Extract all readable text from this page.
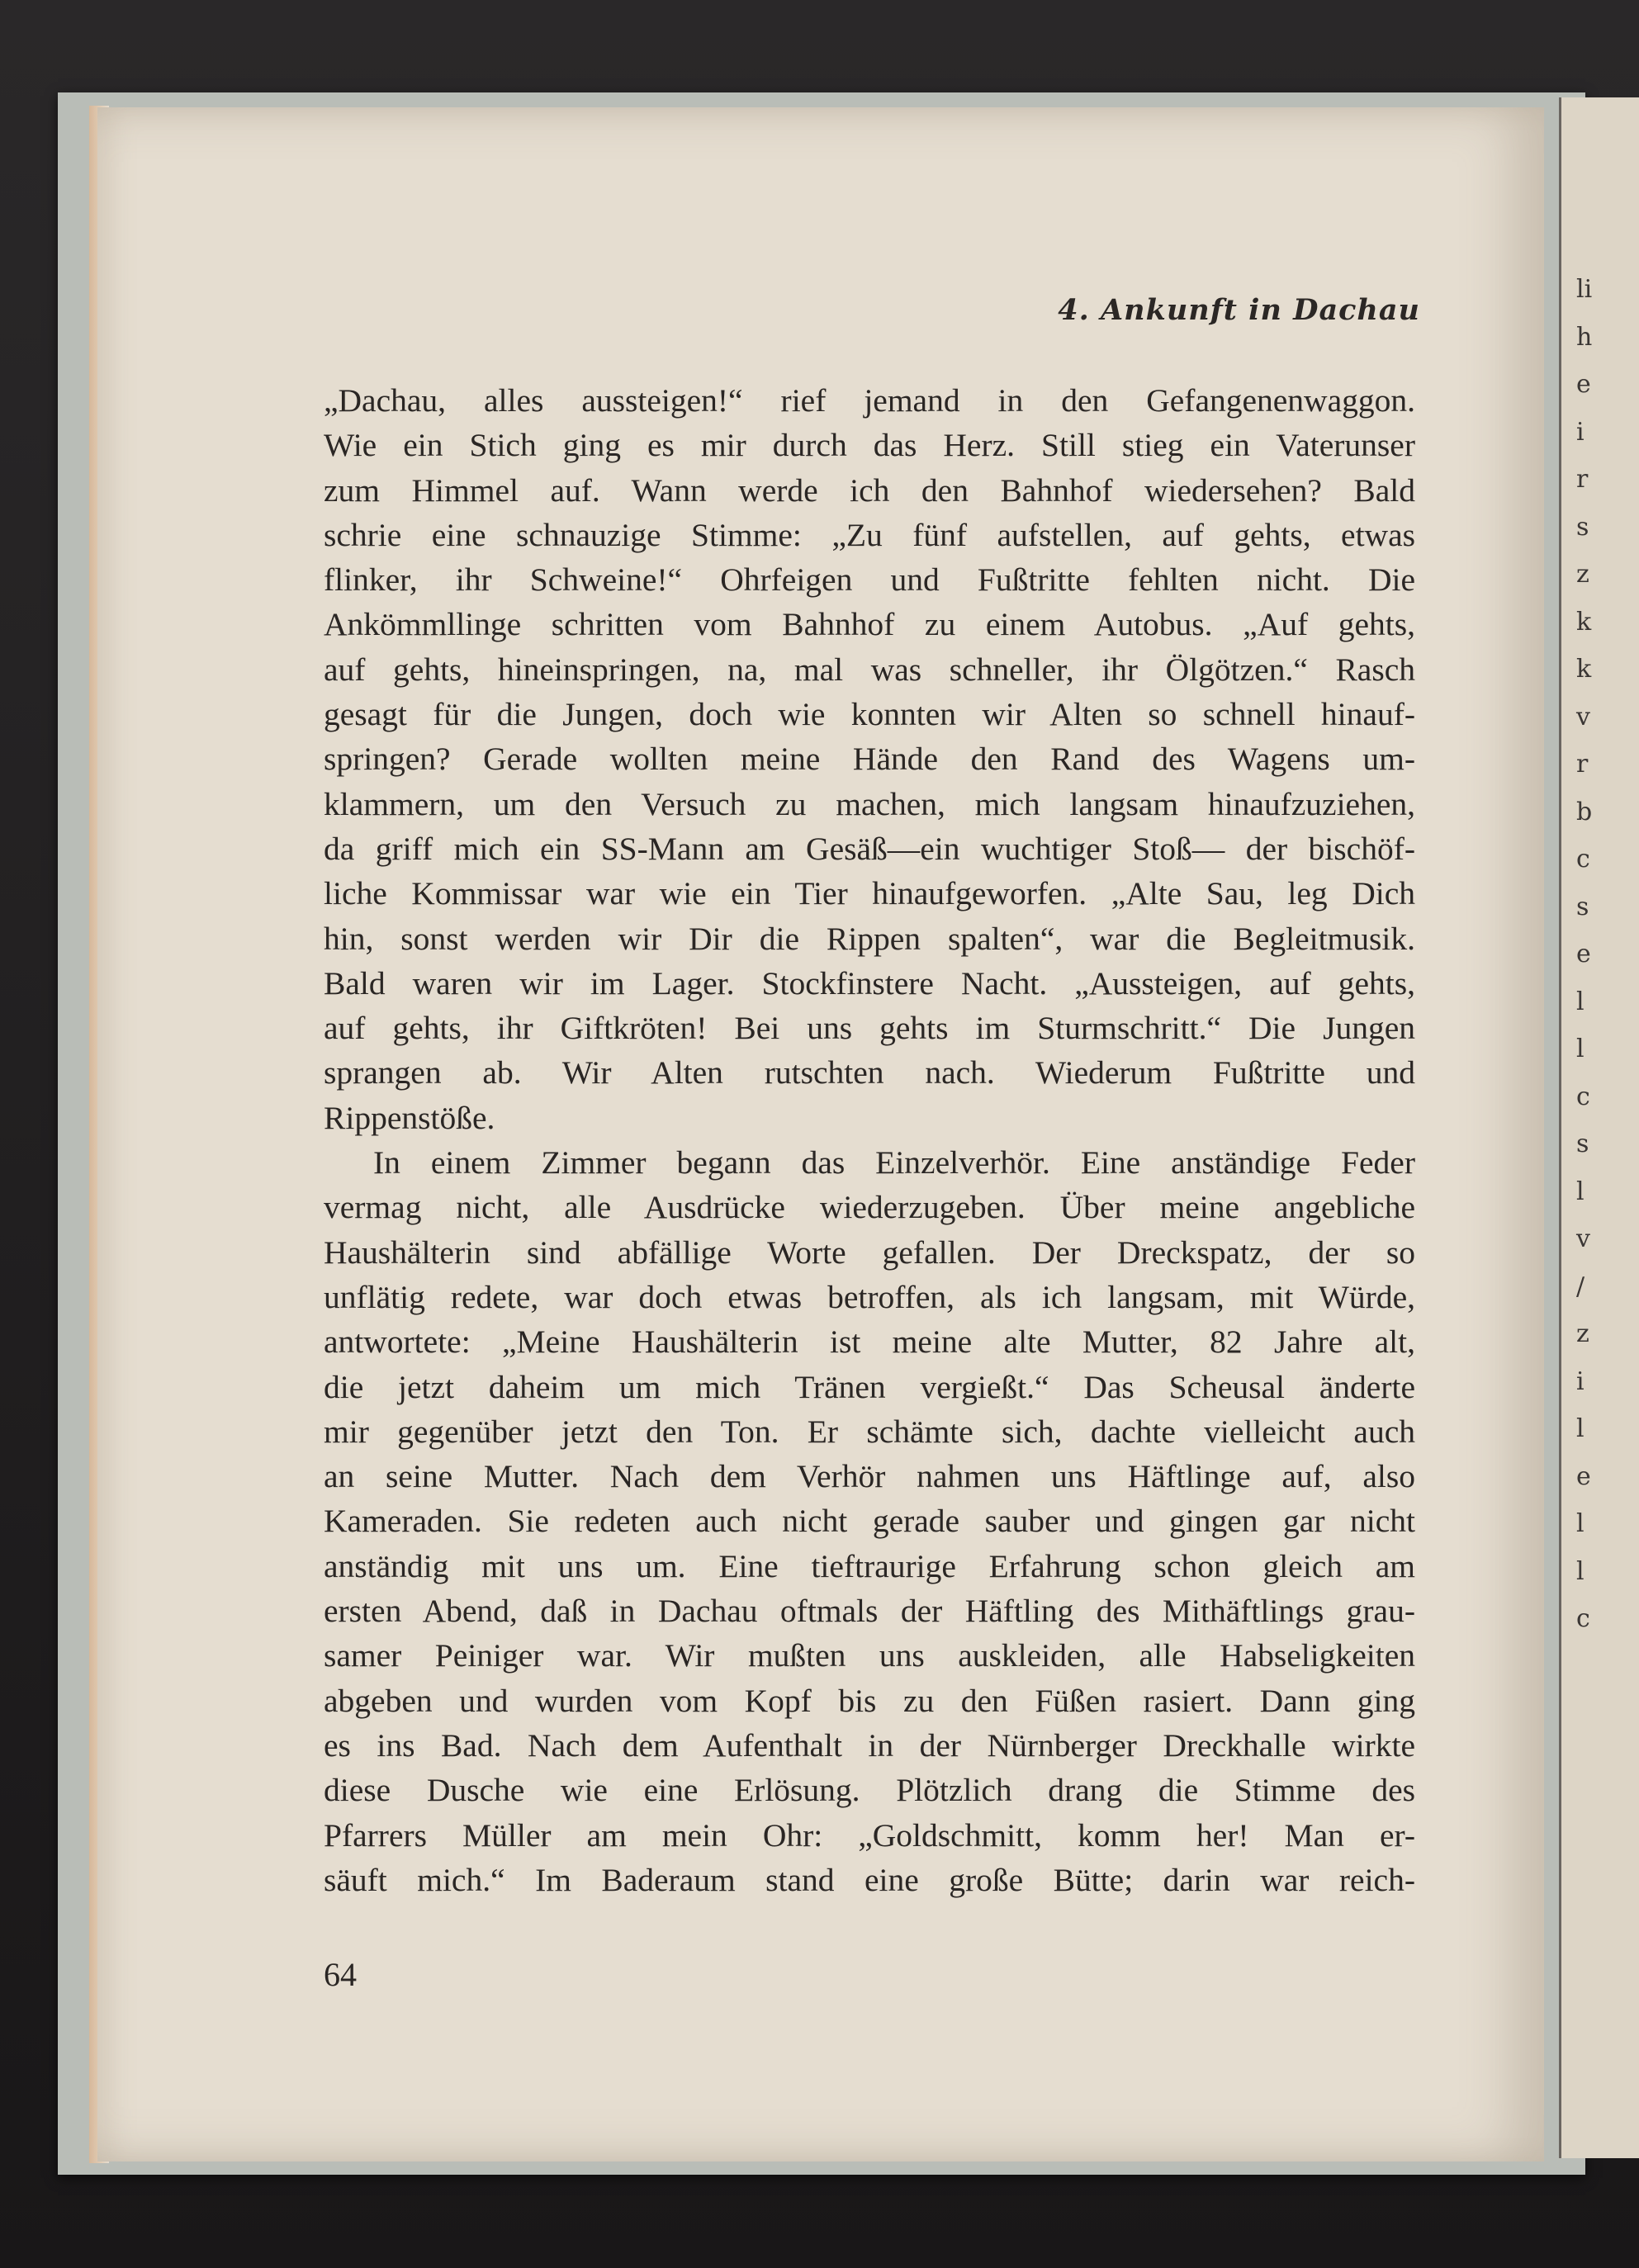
li
h
e
i
r
s
z
k
k
v
r
b
c
s
e
l
l
c
s
l
v
/
z
i
l
e
l
l
c
4. Ankunft in Dachau
„Dachau, alles aussteigen!“ rief jemand in den Gefangenenwaggon.
Wie ein Stich ging es mir durch das Herz. Still stieg ein Vaterunser
zum Himmel auf. Wann werde ich den Bahnhof wiedersehen? Bald
schrie eine schnauzige Stimme: „Zu fünf aufstellen, auf gehts, etwas
flinker, ihr Schweine!“ Ohrfeigen und Fußtritte fehlten nicht. Die
Ankömmllinge schritten vom Bahnhof zu einem Autobus. „Auf gehts,
auf gehts, hineinspringen, na, mal was schneller, ihr Ölgötzen.“ Rasch
gesagt für die Jungen, doch wie konnten wir Alten so schnell hinauf-
springen? Gerade wollten meine Hände den Rand des Wagens um-
klammern, um den Versuch zu machen, mich langsam hinaufzuziehen,
da griff mich ein SS-Mann am Gesäß—ein wuchtiger Stoß— der bischöf-
liche Kommissar war wie ein Tier hinaufgeworfen. „Alte Sau, leg Dich
hin, sonst werden wir Dir die Rippen spalten“, war die Begleitmusik.
Bald waren wir im Lager. Stockfinstere Nacht. „Aussteigen, auf gehts,
auf gehts, ihr Giftkröten! Bei uns gehts im Sturmschritt.“ Die Jungen
sprangen ab. Wir Alten rutschten nach. Wiederum Fußtritte und
Rippenstöße.
In einem Zimmer begann das Einzelverhör. Eine anständige Feder
vermag nicht, alle Ausdrücke wiederzugeben. Über meine angebliche
Haushälterin sind abfällige Worte gefallen. Der Dreckspatz, der so
unflätig redete, war doch etwas betroffen, als ich langsam, mit Würde,
antwortete: „Meine Haushälterin ist meine alte Mutter, 82 Jahre alt,
die jetzt daheim um mich Tränen vergießt.“ Das Scheusal änderte
mir gegenüber jetzt den Ton. Er schämte sich, dachte vielleicht auch
an seine Mutter. Nach dem Verhör nahmen uns Häftlinge auf, also
Kameraden. Sie redeten auch nicht gerade sauber und gingen gar nicht
anständig mit uns um. Eine tieftraurige Erfahrung schon gleich am
ersten Abend, daß in Dachau oftmals der Häftling des Mithäftlings grau-
samer Peiniger war. Wir mußten uns auskleiden, alle Habseligkeiten
abgeben und wurden vom Kopf bis zu den Füßen rasiert. Dann ging
es ins Bad. Nach dem Aufenthalt in der Nürnberger Dreckhalle wirkte
diese Dusche wie eine Erlösung. Plötzlich drang die Stimme des
Pfarrers Müller am mein Ohr: „Goldschmitt, komm her! Man er-
säuft mich.“ Im Baderaum stand eine große Bütte; darin war reich-
64
